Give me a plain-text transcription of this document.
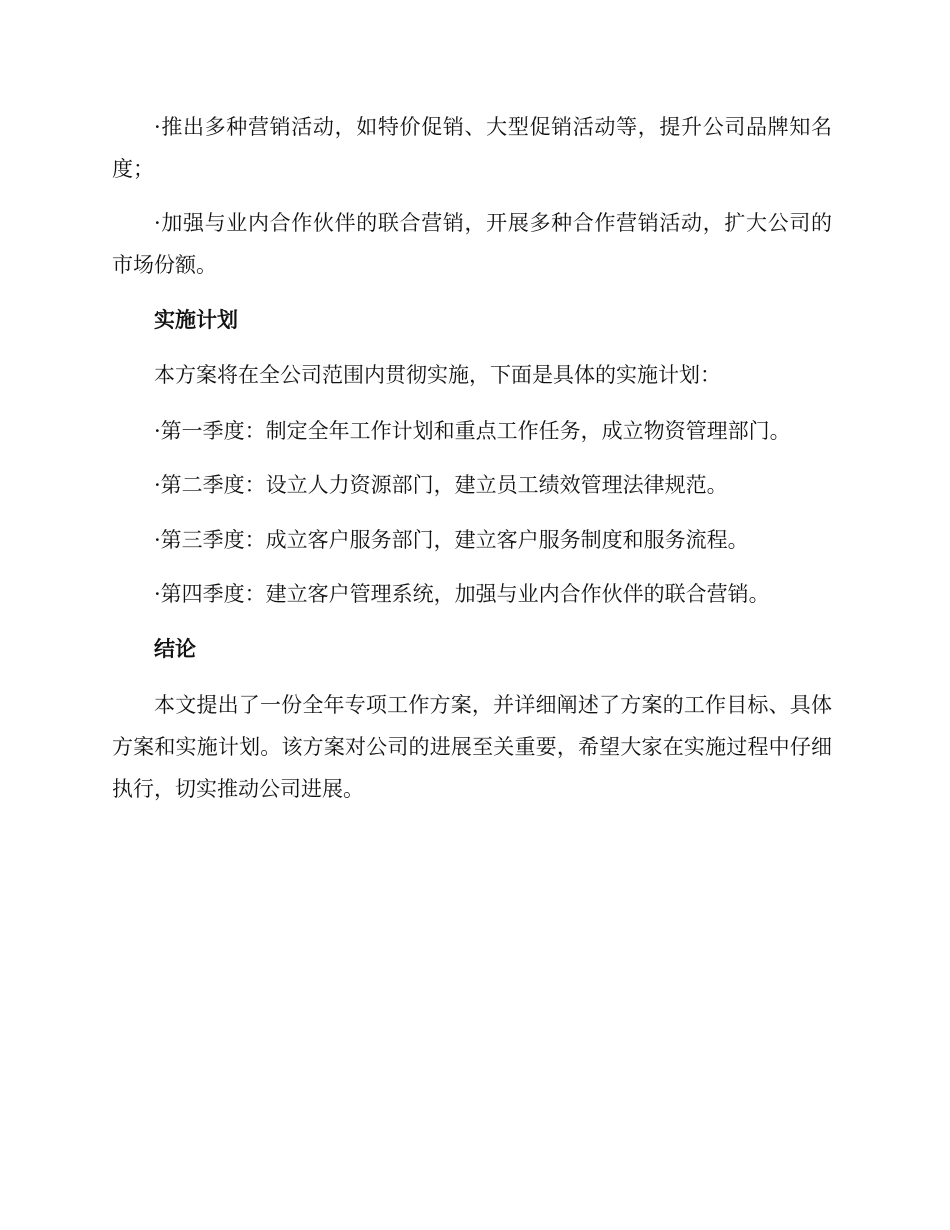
·推出多种营销活动，如特价促销、大型促销活动等，提升公司品牌知名度；

·加强与业内合作伙伴的联合营销，开展多种合作营销活动，扩大公司的市场份额。

实施计划

本方案将在全公司范围内贯彻实施，下面是具体的实施计划：

·第一季度：制定全年工作计划和重点工作任务，成立物资管理部门。

·第二季度：设立人力资源部门，建立员工绩效管理法律规范。

·第三季度：成立客户服务部门，建立客户服务制度和服务流程。

·第四季度：建立客户管理系统，加强与业内合作伙伴的联合营销。

结论

本文提出了一份全年专项工作方案，并详细阐述了方案的工作目标、具体方案和实施计划。该方案对公司的进展至关重要，希望大家在实施过程中仔细执行，切实推动公司进展。
